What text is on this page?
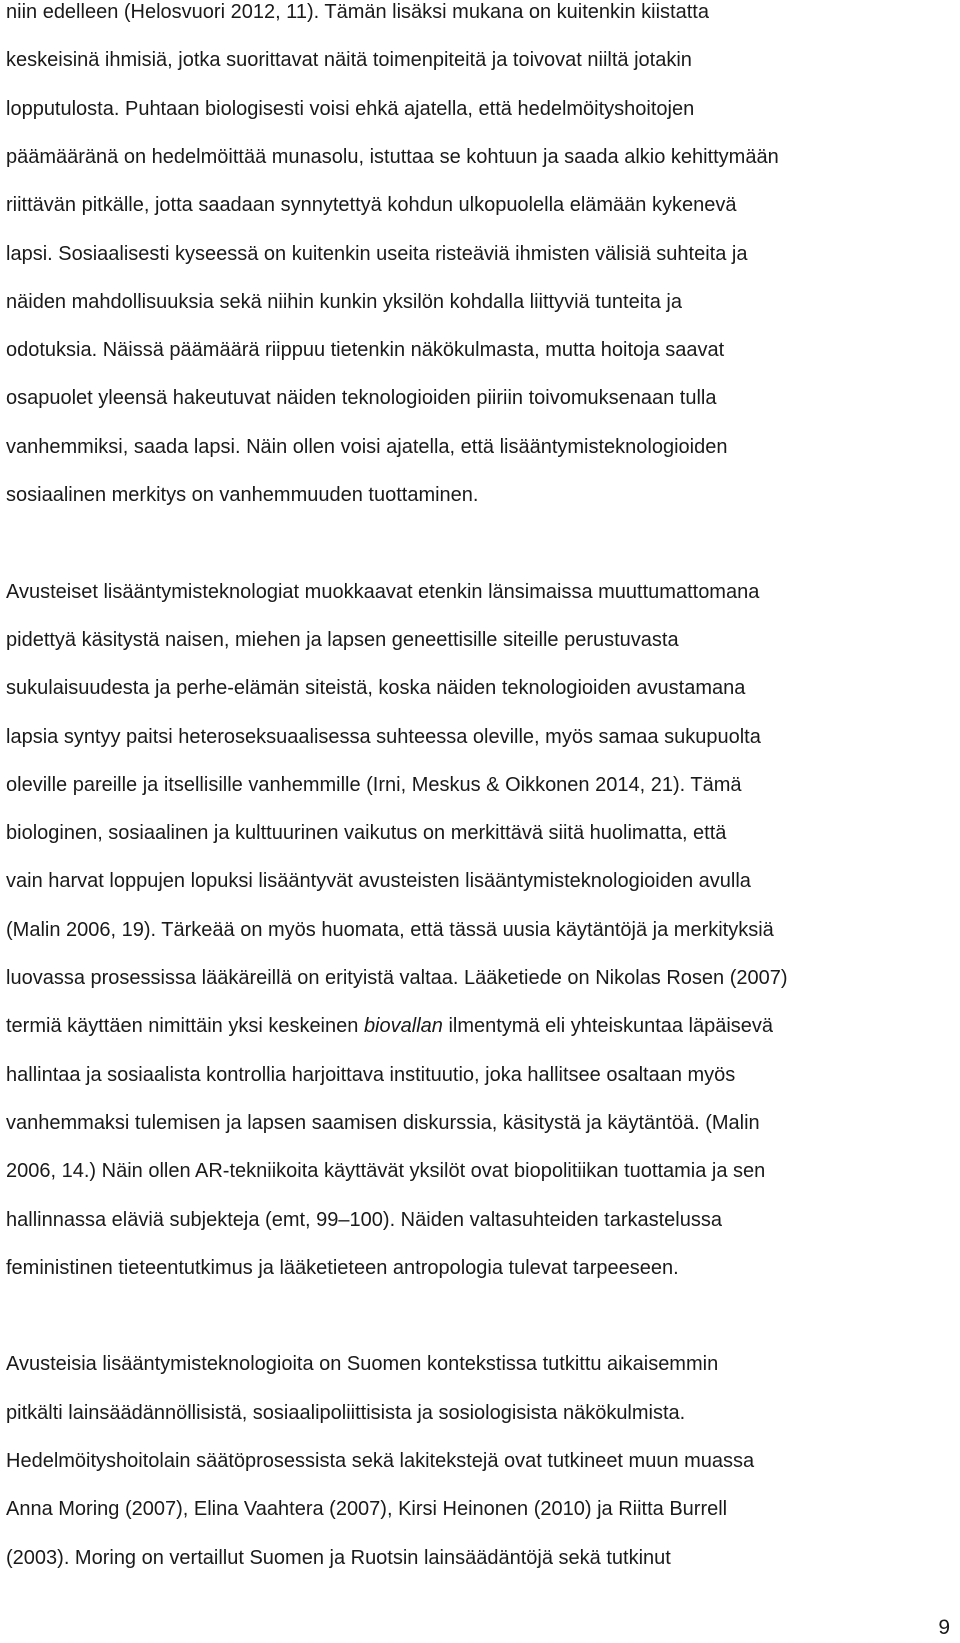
niin edelleen (Helosvuori 2012, 11). Tämän lisäksi mukana on kuitenkin kiistatta
keskeisinä ihmisiä, jotka suorittavat näitä toimenpiteitä ja toivovat niiltä jotakin
lopputulosta. Puhtaan biologisesti voisi ehkä ajatella, että hedelmöityshoitojen
päämääränä on hedelmöittää munasolu, istuttaa se kohtuun ja saada alkio kehittymään
riittävän pitkälle, jotta saadaan synnytettyä kohdun ulkopuolella elämään kykenevä
lapsi. Sosiaalisesti kyseessä on kuitenkin useita risteäviä ihmisten välisiä suhteita ja
näiden mahdollisuuksia sekä niihin kunkin yksilön kohdalla liittyviä tunteita ja
odotuksia. Näissä päämäärä riippuu tietenkin näkökulmasta, mutta hoitoja saavat
osapuolet yleensä hakeutuvat näiden teknologioiden piiriin toivomuksenaan tulla
vanhemmiksi, saada lapsi. Näin ollen voisi ajatella, että lisääntymisteknologioiden
sosiaalinen merkitys on vanhemmuuden tuottaminen.
Avusteiset lisääntymisteknologiat muokkaavat etenkin länsimaissa muuttumattomana
pidettyä käsitystä naisen, miehen ja lapsen geneettisille siteille perustuvasta
sukulaisuudesta ja perhe-elämän siteistä, koska näiden teknologioiden avustamana
lapsia syntyy paitsi heteroseksuaalisessa suhteessa oleville, myös samaa sukupuolta
oleville pareille ja itsellisille vanhemmille (Irni, Meskus & Oikkonen 2014, 21). Tämä
biologinen, sosiaalinen ja kulttuurinen vaikutus on merkittävä siitä huolimatta, että
vain harvat loppujen lopuksi lisääntyvät avusteisten lisääntymisteknologioiden avulla
(Malin 2006, 19). Tärkeää on myös huomata, että tässä uusia käytäntöjä ja merkityksiä
luovassa prosessissa lääkäreillä on erityistä valtaa. Lääketiede on Nikolas Rosen (2007)
termiä käyttäen nimittäin yksi keskeinen biovallan ilmentymä eli yhteiskuntaa läpäisevä
hallintaa ja sosiaalista kontrollia harjoittava instituutio, joka hallitsee osaltaan myös
vanhemmaksi tulemisen ja lapsen saamisen diskurssia, käsitystä ja käytäntöä. (Malin
2006, 14.) Näin ollen AR-tekniikoita käyttävät yksilöt ovat biopolitiikan tuottamia ja sen
hallinnassa eläviä subjekteja (emt, 99–100). Näiden valtasuhteiden tarkastelussa
feministinen tieteentutkimus ja lääketieteen antropologia tulevat tarpeeseen.
Avusteisia lisääntymisteknologioita on Suomen kontekstissa tutkittu aikaisemmin
pitkälti lainsäädännöllisistä, sosiaalipoliittisista ja sosiologisista näkökulmista.
Hedelmöityshoitolain säätöprosessista sekä lakitekstejä ovat tutkineet muun muassa
Anna Moring (2007), Elina Vaahtera (2007), Kirsi Heinonen (2010) ja Riitta Burrell
(2003). Moring on vertaillut Suomen ja Ruotsin lainsäädäntöjä sekä tutkinut
9
